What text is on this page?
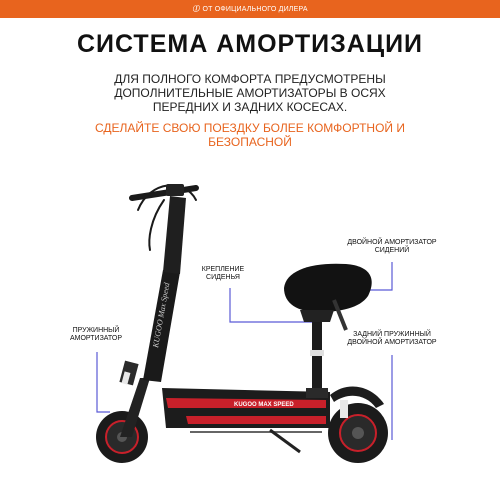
ⓛ ОТ ОФИЦИАЛЬНОГО ДИЛЕРА
СИСТЕМА АМОРТИЗАЦИИ
ДЛЯ ПОЛНОГО КОМФОРТА ПРЕДУСМОТРЕНЫ ДОПОЛНИТЕЛЬНЫЕ АМОРТИЗАТОРЫ В ОСЯХ ПЕРЕДНИХ И ЗАДНИХ КОСЕСАХ.
СДЕЛАЙТЕ СВОЮ ПОЕЗДКУ БОЛЕЕ КОМФОРТНОЙ И БЕЗОПАСНОЙ
KUGOO Max Speed
KUGOO MAX SPEED
КРЕПЛЕНИЕ СИДЕНЬЯ
ДВОЙНОЙ АМОРТИЗАТОР СИДЕНИЙ
ПРУЖИННЫЙ АМОРТИЗАТОР
ЗАДНИЙ ПРУЖИННЫЙ ДВОЙНОЙ АМОРТИЗАТОР
